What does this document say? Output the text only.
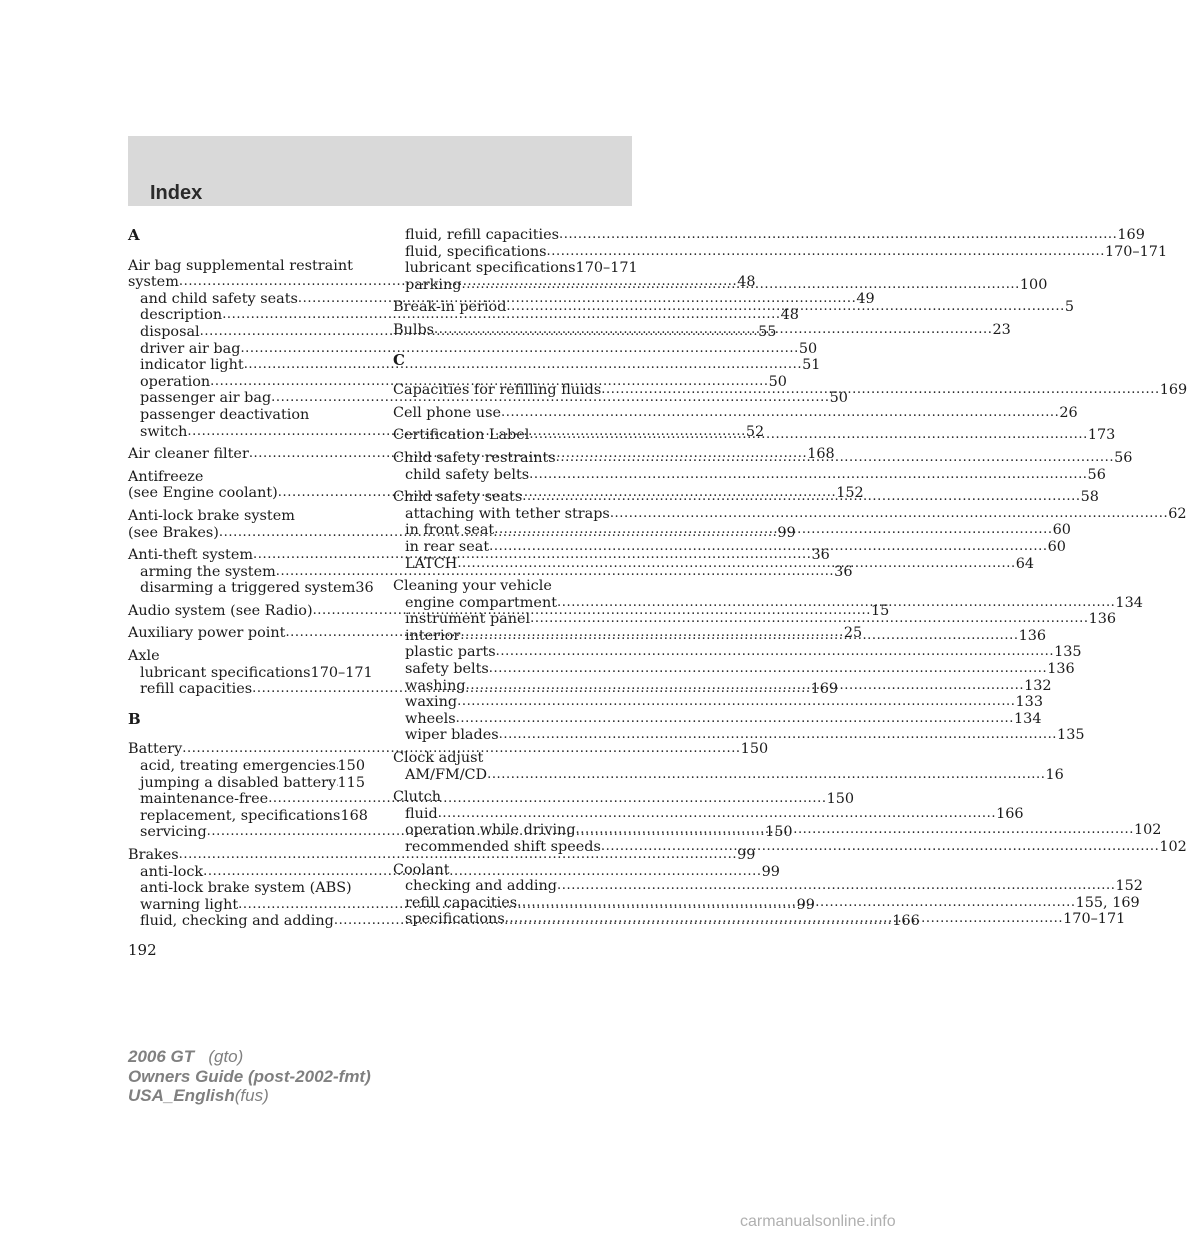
Index
A
Air bag supplemental restraint
system .....	48
and child safety seats .....	49
description .....	48
disposal .....	55
driver air bag .....	50
indicator light .....	51
operation .....	50
passenger air bag .....	50
passenger deactivation
switch .....	52
Air cleaner filter .....	168
Antifreeze
(see Engine coolant) .....	152
Anti-lock brake system
(see Brakes) .....	99
Anti-theft system .....	36
arming the system .....	36
disarming a triggered system 36
Audio system (see Radio) .....	15
Auxiliary power point .....	25
Axle
lubricant specifications 170–171
refill capacities .....	169
B
Battery .....	150
acid, treating emergencies ..... 150
jumping a disabled battery ..... 115
maintenance-free .....	150
replacement, specifications 168
servicing .....	150
Brakes .....	99
anti-lock .....	99
anti-lock brake system (ABS)
warning light .....	99
fluid, checking and adding .....	166
fluid, refill capacities .....	169
fluid, specifications .....	170–171
lubricant specifications 170–171
parking .....	100
Break-in period .....	5
Bulbs .....	23
C
Capacities for refilling fluids .....	169
Cell phone use .....	26
Certification Label .....	173
Child safety restraints .....	56
child safety belts .....	56
Child safety seats .....	58
attaching with tether straps .....	62
in front seat .....	60
in rear seat .....	60
LATCH .....	64
Cleaning your vehicle
engine compartment .....	134
instrument panel .....	136
interior .....	136
plastic parts .....	135
safety belts .....	136
washing .....	132
waxing .....	133
wheels .....	134
wiper blades .....	135
Clock adjust
AM/FM/CD .....	16
Clutch
fluid .....	166
operation while driving .....	102
recommended shift speeds .....	102
Coolant
checking and adding .....	152
refill capacities .....	155, 169
specifications .....	170–171
192
2006 GT (gto)
Owners Guide (post-2002-fmt)
USA_English(fus)
carmanualsonline.info
